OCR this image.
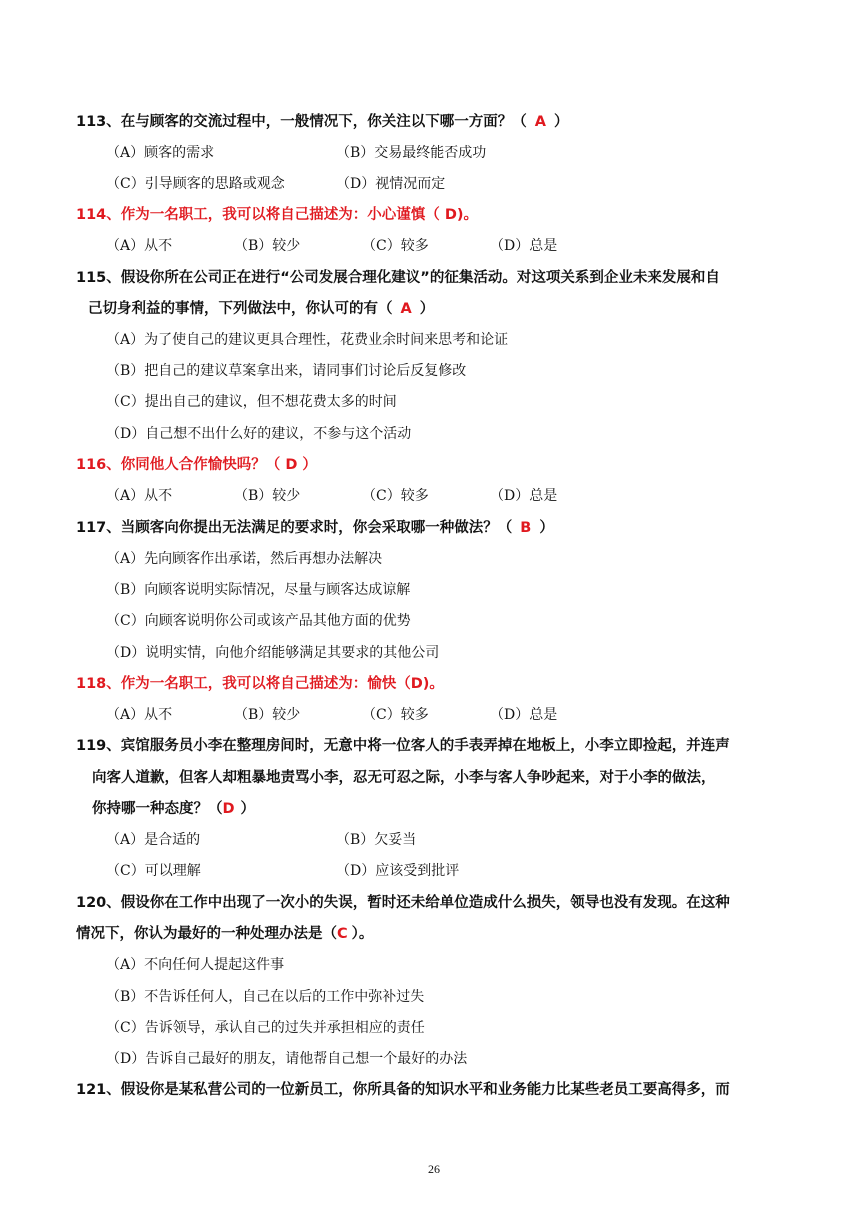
113、在与顾客的交流过程中，一般情况下，你关注以下哪一方面？（ A ）
（A）顾客的需求	（B）交易最终能否成功
（C）引导顾客的思路或观念	（D）视情况而定
114、作为一名职工，我可以将自己描述为：小心谨慎（ D)。
（A）从不	（B）较少	（C）较多	（D）总是
115、假设你所在公司正在进行“公司发展合理化建议”的征集活动。对这项关系到企业未来发展和自
己切身利益的事情，下列做法中，你认可的有（ A ）
（A）为了使自己的建议更具合理性，花费业余时间来思考和论证
（B）把自己的建议草案拿出来，请同事们讨论后反复修改
（C）提出自己的建议，但不想花费太多的时间
（D）自己想不出什么好的建议，不参与这个活动
116、你同他人合作愉快吗？（ D ）
（A）从不	（B）较少	（C）较多	（D）总是
117、当顾客向你提出无法满足的要求时，你会采取哪一种做法？（ B ）
（A）先向顾客作出承诺，然后再想办法解决
（B）向顾客说明实际情况，尽量与顾客达成谅解
（C）向顾客说明你公司或该产品其他方面的优势
（D）说明实情，向他介绍能够满足其要求的其他公司
118、作为一名职工，我可以将自己描述为：愉快（D)。
（A）从不	（B）较少	（C）较多	（D）总是
119、宾馆服务员小李在整理房间时，无意中将一位客人的手表弄掉在地板上，小李立即捡起，并连声
向客人道歉，但客人却粗暴地责骂小李，忍无可忍之际，小李与客人争吵起来，对于小李的做法，
你持哪一种态度？（D ）
（A）是合适的	（B）欠妥当
（C）可以理解	（D）应该受到批评
120、假设你在工作中出现了一次小的失误，暂时还未给单位造成什么损失，领导也没有发现。在这种
情况下，你认为最好的一种处理办法是（C ）。
（A）不向任何人提起这件事
（B）不告诉任何人，自己在以后的工作中弥补过失
（C）告诉领导，承认自己的过失并承担相应的责任
（D）告诉自己最好的朋友，请他帮自己想一个最好的办法
121、假设你是某私营公司的一位新员工，你所具备的知识水平和业务能力比某些老员工要高得多，而
26
